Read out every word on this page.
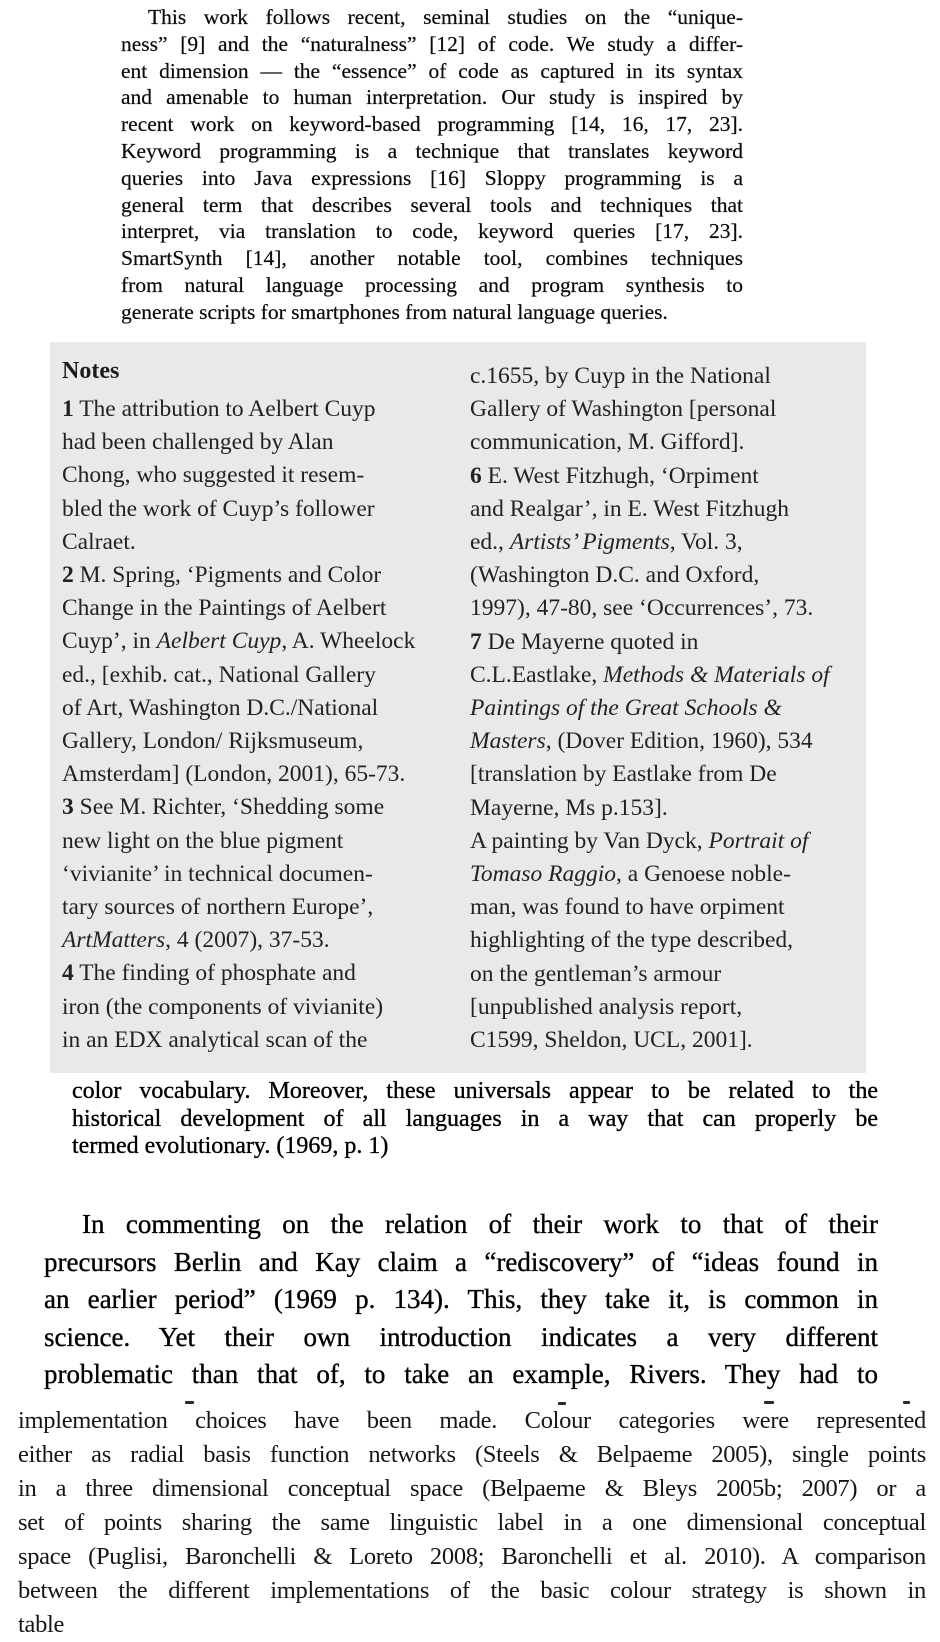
This work follows recent, seminal studies on the “unique-
ness” [9] and the “naturalness” [12] of code. We study a differ-
ent dimension — the “essence” of code as captured in its syntax
and amenable to human interpretation. Our study is inspired by
recent work on keyword-based programming [14, 16, 17, 23].
Keyword programming is a technique that translates keyword
queries into Java expressions [16] Sloppy programming is a
general term that describes several tools and techniques that
interpret, via translation to code, keyword queries [17, 23].
SmartSynth [14], another notable tool, combines techniques
from natural language processing and program synthesis to
generate scripts for smartphones from natural language queries.
Notes
1 The attribution to Aelbert Cuyp
had been challenged by Alan
Chong, who suggested it resem-
bled the work of Cuyp’s follower
Calraet.
2 M. Spring, ‘Pigments and Color
Change in the Paintings of Aelbert
Cuyp’, in Aelbert Cuyp, A. Wheelock
ed., [exhib. cat., National Gallery
of Art, Washington D.C./National
Gallery, London/ Rijksmuseum,
Amsterdam] (London, 2001), 65-73.
3 See M. Richter, ‘Shedding some
new light on the blue pigment
‘vivianite’ in technical documen-
tary sources of northern Europe’,
ArtMatters, 4 (2007), 37-53.
4 The finding of phosphate and
iron (the components of vivianite)
in an EDX analytical scan of the
c.1655, by Cuyp in the National
Gallery of Washington [personal
communication, M. Gifford].
6 E. West Fitzhugh, ‘Orpiment
and Realgar’, in E. West Fitzhugh
ed., Artists’ Pigments, Vol. 3,
(Washington D.C. and Oxford,
1997), 47-80, see ‘Occurrences’, 73.
7 De Mayerne quoted in
C.L.Eastlake, Methods & Materials of
Paintings of the Great Schools &
Masters, (Dover Edition, 1960), 534
[translation by Eastlake from De
Mayerne, Ms p.153].
A painting by Van Dyck, Portrait of
Tomaso Raggio, a Genoese noble-
man, was found to have orpiment
highlighting of the type described,
on the gentleman’s armour
[unpublished analysis report,
C1599, Sheldon, UCL, 2001].
color vocabulary. Moreover, these universals appear to be related to the
historical development of all languages in a way that can properly be
termed evolutionary. (1969, p. 1)
In commenting on the relation of their work to that of their
precursors Berlin and Kay claim a “rediscovery” of “ideas found in
an earlier period” (1969 p. 134). This, they take it, is common in
science. Yet their own introduction indicates a very different
problematic than that of, to take an example, Rivers. They had to
implementation choices have been made. Colour categories were represented
either as radial basis function networks (Steels & Belpaeme 2005), single points
in a three dimensional conceptual space (Belpaeme & Bleys 2005b; 2007) or a
set of points sharing the same linguistic label in a one dimensional conceptual
space (Puglisi, Baronchelli & Loreto 2008; Baronchelli et al. 2010). A comparison
between the different implementations of the basic colour strategy is shown in
table
